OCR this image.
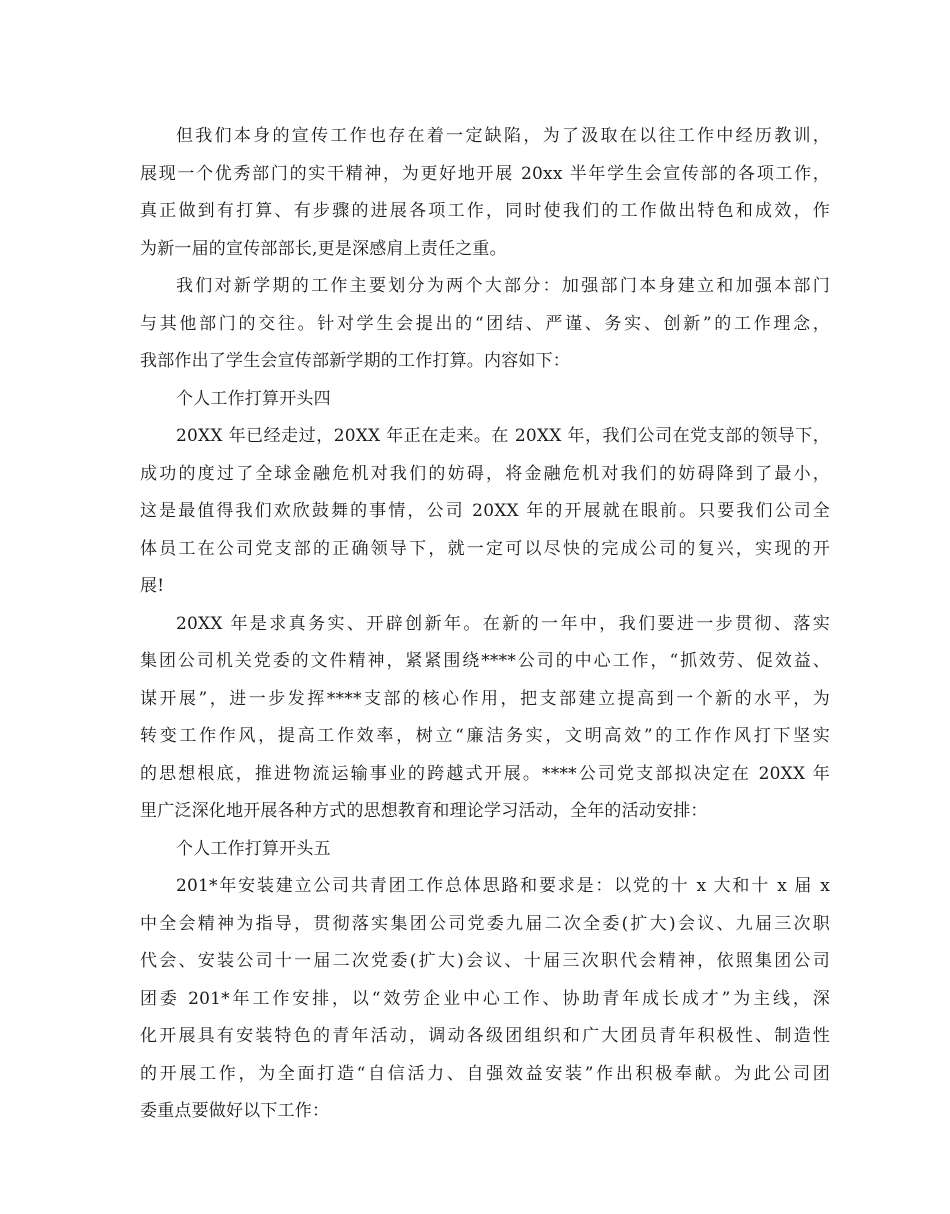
但我们本身的宣传工作也存在着一定缺陷，为了汲取在以往工作中经历教训，
展现一个优秀部门的实干精神，为更好地开展 20xx 半年学生会宣传部的各项工作，
真正做到有打算、有步骤的进展各项工作，同时使我们的工作做出特色和成效，作
为新一届的宣传部部长,更是深感肩上责任之重。
我们对新学期的工作主要划分为两个大部分：加强部门本身建立和加强本部门
与其他部门的交往。针对学生会提出的“团结、严谨、务实、创新”的工作理念，
我部作出了学生会宣传部新学期的工作打算。内容如下：
个人工作打算开头四
20XX 年已经走过，20XX 年正在走来。在 20XX 年，我们公司在党支部的领导下，
成功的度过了全球金融危机对我们的妨碍，将金融危机对我们的妨碍降到了最小，
这是最值得我们欢欣鼓舞的事情，公司 20XX 年的开展就在眼前。只要我们公司全
体员工在公司党支部的正确领导下，就一定可以尽快的完成公司的复兴，实现的开
展!
20XX 年是求真务实、开辟创新年。在新的一年中，我们要进一步贯彻、落实
集团公司机关党委的文件精神，紧紧围绕****公司的中心工作，“抓效劳、促效益、
谋开展”，进一步发挥****支部的核心作用，把支部建立提高到一个新的水平，为
转变工作作风，提高工作效率，树立“廉洁务实，文明高效”的工作作风打下坚实
的思想根底，推进物流运输事业的跨越式开展。****公司党支部拟决定在 20XX 年
里广泛深化地开展各种方式的思想教育和理论学习活动，全年的活动安排：
个人工作打算开头五
201*年安装建立公司共青团工作总体思路和要求是：以党的十 x 大和十 x 届 x
中全会精神为指导，贯彻落实集团公司党委九届二次全委(扩大)会议、九届三次职
代会、安装公司十一届二次党委(扩大)会议、十届三次职代会精神，依照集团公司
团委 201*年工作安排，以“效劳企业中心工作、协助青年成长成才”为主线，深
化开展具有安装特色的青年活动，调动各级团组织和广大团员青年积极性、制造性
的开展工作，为全面打造“自信活力、自强效益安装”作出积极奉献。为此公司团
委重点要做好以下工作：
